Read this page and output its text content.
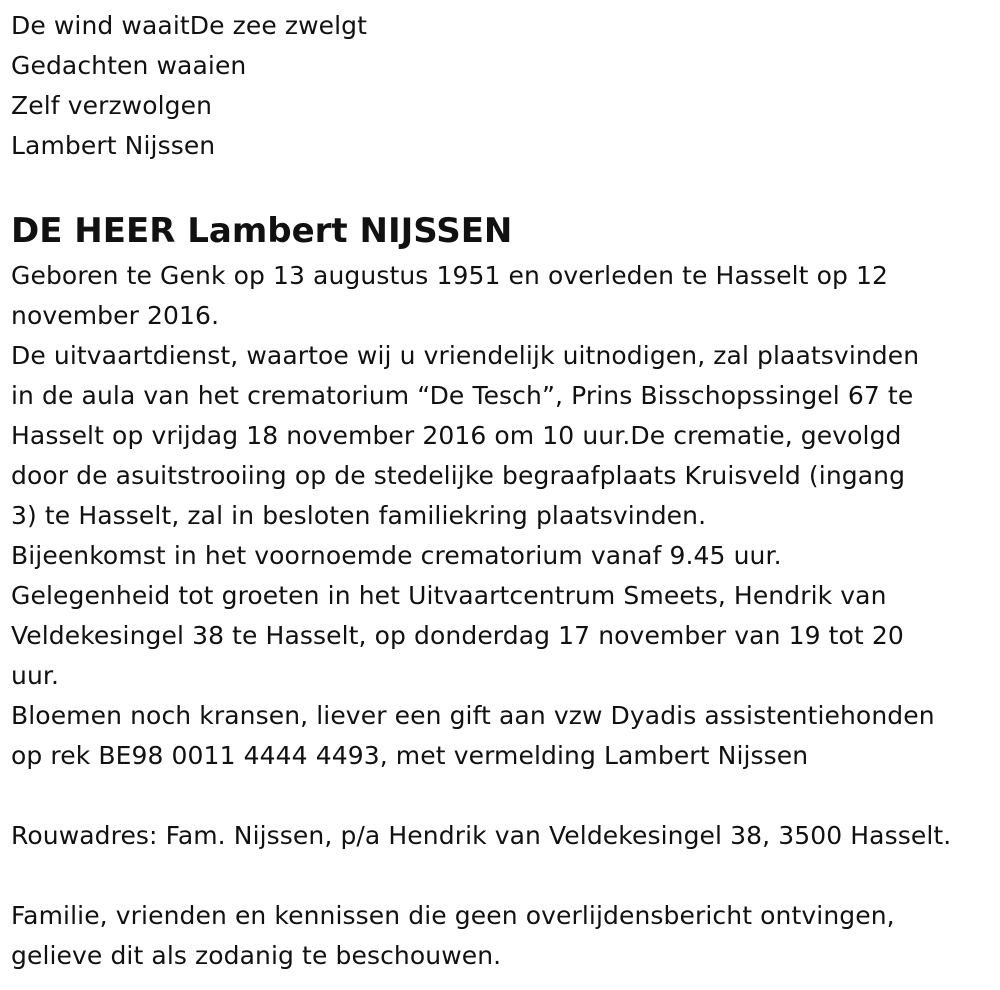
De wind waaitDe zee zwelgt
Gedachten waaien
Zelf verzwolgen
Lambert Nijssen
DE HEER Lambert NIJSSEN
Geboren te Genk op 13 augustus 1951 en overleden te Hasselt op 12
november 2016.
De uitvaartdienst, waartoe wij u vriendelijk uitnodigen, zal plaatsvinden
in de aula van het crematorium “De Tesch”, Prins Bisschopssingel 67 te
Hasselt op vrijdag 18 november 2016 om 10 uur.De crematie, gevolgd
door de asuitstrooiing op de stedelijke begraafplaats Kruisveld (ingang
3) te Hasselt, zal in besloten familiekring plaatsvinden.
Bijeenkomst in het voornoemde crematorium vanaf 9.45 uur.
Gelegenheid tot groeten in het Uitvaartcentrum Smeets, Hendrik van
Veldekesingel 38 te Hasselt, op donderdag 17 november van 19 tot 20
uur.
Bloemen noch kransen, liever een gift aan vzw Dyadis assistentiehonden
op rek BE98 0011 4444 4493, met vermelding Lambert Nijssen
Rouwadres: Fam. Nijssen, p/a Hendrik van Veldekesingel 38, 3500 Hasselt.
Familie, vrienden en kennissen die geen overlijdensbericht ontvingen,
gelieve dit als zodanig te beschouwen.
